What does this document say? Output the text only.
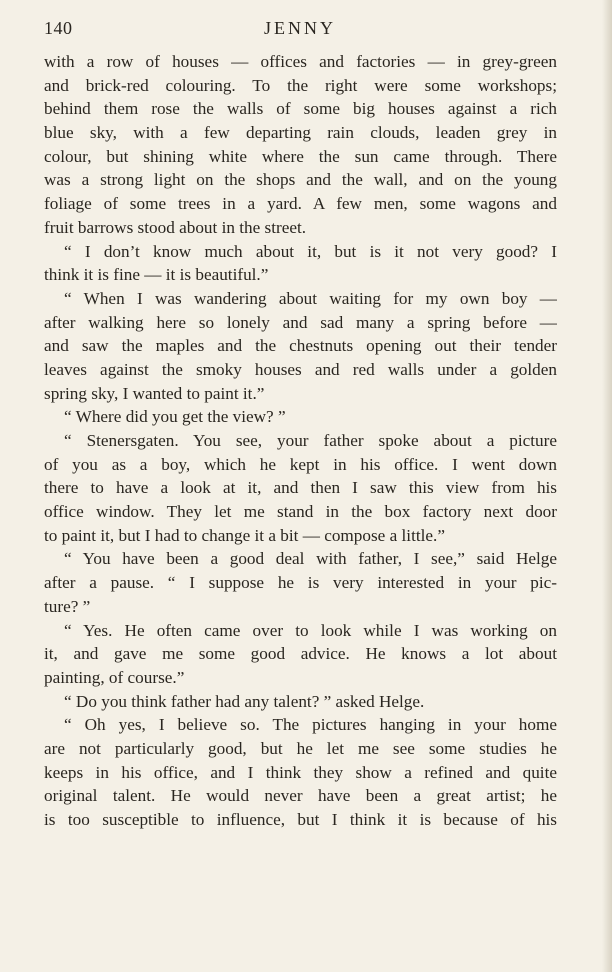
140	JENNY
with a row of houses — offices and factories — in grey-green
and brick-red colouring. To the right were some workshops;
behind them rose the walls of some big houses against a rich
blue sky, with a few departing rain clouds, leaden grey in
colour, but shining white where the sun came through. There
was a strong light on the shops and the wall, and on the young
foliage of some trees in a yard. A few men, some wagons and
fruit barrows stood about in the street.
“ I don’t know much about it, but is it not very good? I
think it is fine — it is beautiful.”
“ When I was wandering about waiting for my own boy —
after walking here so lonely and sad many a spring before —
and saw the maples and the chestnuts opening out their tender
leaves against the smoky houses and red walls under a golden
spring sky, I wanted to paint it.”
“ Where did you get the view? ”
“ Stenersgaten. You see, your father spoke about a picture
of you as a boy, which he kept in his office. I went down
there to have a look at it, and then I saw this view from his
office window. They let me stand in the box factory next door
to paint it, but I had to change it a bit — compose a little.”
“ You have been a good deal with father, I see,” said Helge
after a pause. “ I suppose he is very interested in your pic-
ture? ”
“ Yes. He often came over to look while I was working on
it, and gave me some good advice. He knows a lot about
painting, of course.”
“ Do you think father had any talent? ” asked Helge.
“ Oh yes, I believe so. The pictures hanging in your home
are not particularly good, but he let me see some studies he
keeps in his office, and I think they show a refined and quite
original talent. He would never have been a great artist; he
is too susceptible to influence, but I think it is because of his
